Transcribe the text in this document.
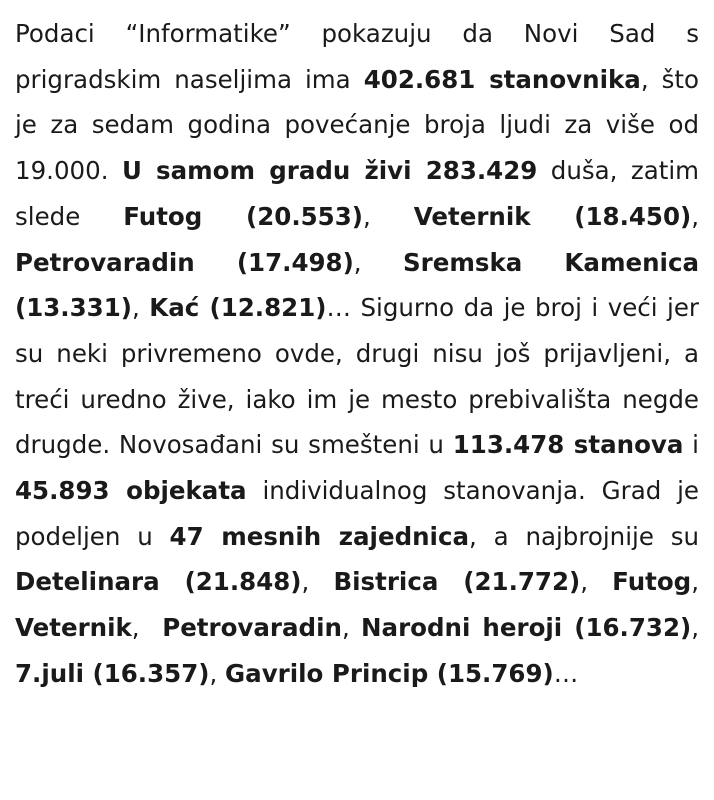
Podaci “Informatike” pokazuju da Novi Sad s prigradskim naseljima ima 402.681 stanovnika, što je za sedam godina povećanje broja ljudi za više od 19.000. U samom gradu živi 283.429 duša, zatim slede Futog (20.553), Veternik (18.450), Petrovaradin (17.498), Sremska Kamenica (13.331), Kać (12.821)… Sigurno da je broj i veći jer su neki privremeno ovde, drugi nisu još prijavljeni, a treći uredno žive, iako im je mesto prebivališta negde drugde. Novosađani su smešteni u 113.478 stanova i 45.893 objekata individualnog stanovanja. Grad je podeljen u 47 mesnih zajednica, a najbrojnije su Detelinara (21.848), Bistrica (21.772), Futog, Veternik,  Petrovaradin, Narodni heroji (16.732), 7.juli (16.357), Gavrilo Princip (15.769)…
